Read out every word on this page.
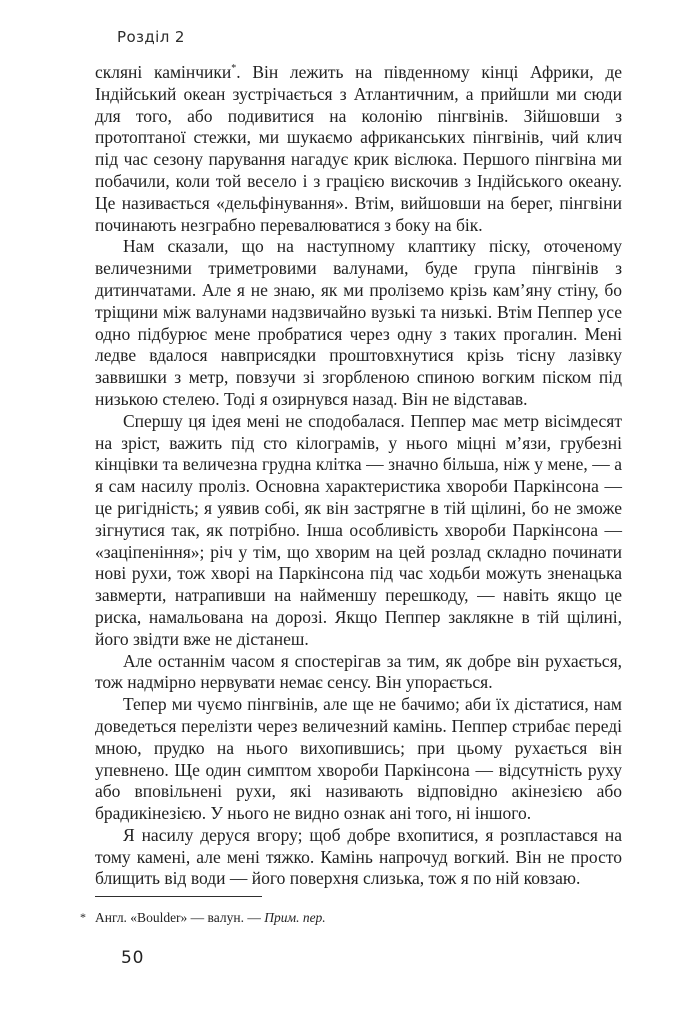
Розділ 2

скляні камінчики*. Він лежить на південному кінці Африки, де Індійський океан зустрічається з Атлантичним, а прийшли ми сюди для того, або подивитися на колонію пінгвінів. Зійшовши з протоптаної стежки, ми шукаємо африканських пінгвінів, чий клич під час сезону парування нагадує крик віслюка. Першого пінгвіна ми побачили, коли той весело і з грацією вискочив з Індійського океану. Це називається «дельфінування». Втім, вийшовши на берег, пінгвіни починають незграбно перевалюватися з боку на бік.

Нам сказали, що на наступному клаптику піску, оточеному величезними триметровими валунами, буде група пінгвінів з дитинчатами. Але я не знаю, як ми проліземо крізь кам’яну стіну, бо тріщини між валунами надзвичайно вузькі та низькі. Втім Пеппер усе одно підбурює мене пробратися через одну з таких прогалин. Мені ледве вдалося навприсядки проштовхнутися крізь тісну лазівку заввишки з метр, повзучи зі згорбленою спиною вогким піском під низькою стелею. Тоді я озирнувся назад. Він не відставав.

Спершу ця ідея мені не сподобалася. Пеппер має метр вісімдесят на зріст, важить під сто кілограмів, у нього міцні м’язи, грубезні кінцівки та величезна грудна клітка — значно більша, ніж у мене, — а я сам насилу проліз. Основна характеристика хвороби Паркінсона — це ригідність; я уявив собі, як він застрягне в тій щілині, бо не зможе зігнутися так, як потрібно. Інша особливість хвороби Паркінсона — «заціпеніння»; річ у тім, що хворим на цей розлад складно починати нові рухи, тож хворі на Паркінсона під час ходьби можуть зненацька завмерти, натрапивши на найменшу перешкоду, — навіть якщо це риска, намальована на дорозі. Якщо Пеппер заклякне в тій щілині, його звідти вже не дістанеш.

Але останнім часом я спостерігав за тим, як добре він рухається, тож надмірно нервувати немає сенсу. Він упорається.

Тепер ми чуємо пінгвінів, але ще не бачимо; аби їх дістатися, нам доведеться перелізти через величезний камінь. Пеппер стрибає переді мною, прудко на нього вихопившись; при цьому рухається він упевнено. Ще один симптом хвороби Паркінсона — відсутність руху або вповільнені рухи, які називають відповідно акінезією або брадикінезією. У нього не видно ознак ані того, ні іншого.

Я насилу деруся вгору; щоб добре вхопитися, я розпластався на тому камені, але мені тяжко. Камінь напрочуд вогкий. Він не просто блищить від води — його поверхня слизька, тож я по ній ковзаю.

* Англ. «Boulder» — валун. — Прим. пер.
50
